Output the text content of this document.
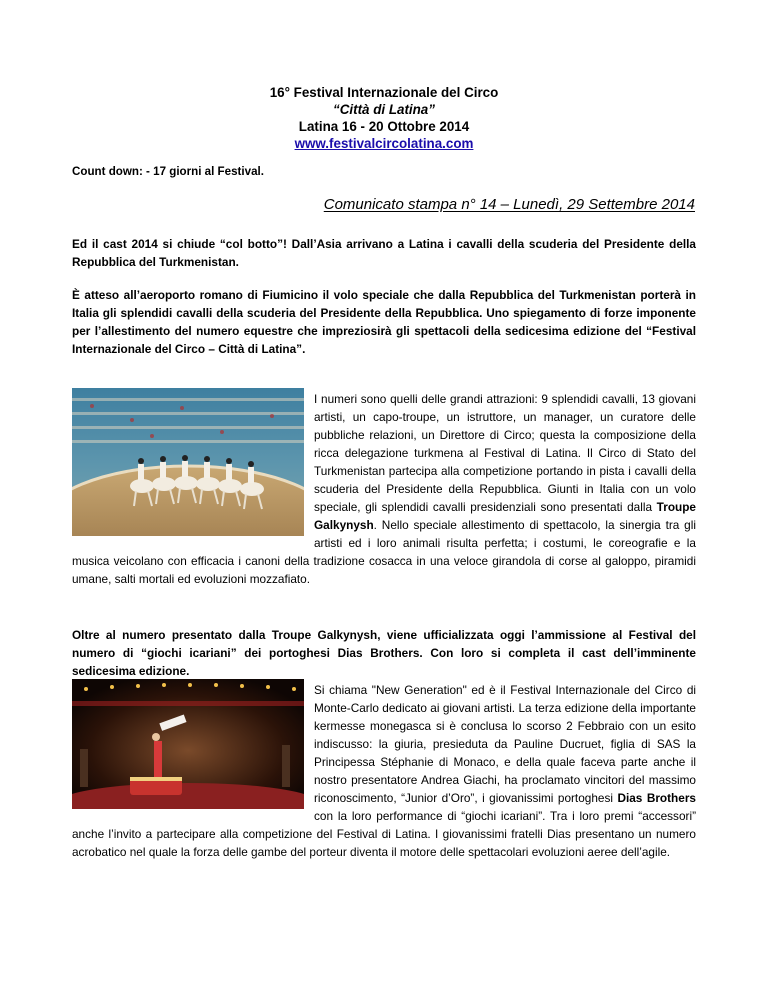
16° Festival Internazionale del Circo
“Città di Latina”
Latina 16 - 20 Ottobre 2014
www.festivalcircolatina.com
Count down: - 17 giorni al Festival.
Comunicato stampa n° 14 – Lunedì, 29 Settembre 2014
Ed il cast 2014 si chiude “col botto”! Dall’Asia arrivano a Latina i cavalli della scuderia del Presidente della Repubblica del Turkmenistan.
È atteso all’aeroporto romano di Fiumicino il volo speciale che dalla Repubblica del Turkmenistan porterà in Italia gli splendidi cavalli della scuderia del Presidente della Repubblica. Uno spiegamento di forze imponente per l’allestimento del numero equestre che impreziosirà gli spettacoli della sedicesima edizione del “Festival Internazionale del Circo – Città di Latina”.
I numeri sono quelli delle grandi attrazioni: 9 splendidi cavalli, 13 giovani artisti, un capo-troupe, un istruttore, un manager, un curatore delle pubbliche relazioni, un Direttore di Circo; questa la composizione della ricca delegazione turkmena al Festival di Latina. Il Circo di Stato del Turkmenistan partecipa alla competizione portando in pista i cavalli della scuderia del Presidente della Repubblica. Giunti in Italia con un volo speciale, gli splendidi cavalli presidenziali sono presentati dalla Troupe Galkynysh. Nello speciale allestimento di spettacolo, la sinergia tra gli artisti ed i loro animali risulta perfetta; i costumi, le coreografie e la musica veicolano con efficacia i canoni della tradizione cosacca in una veloce girandola di corse al galoppo, piramidi umane, salti mortali ed evoluzioni mozzafiato.
Oltre al numero presentato dalla Troupe Galkynysh, viene ufficializzata oggi l’ammissione al Festival del numero di “giochi icariani” dei portoghesi Dias Brothers. Con loro si completa il cast dell’imminente sedicesima edizione.
Si chiama "New Generation" ed è il Festival Internazionale del Circo di Monte-Carlo dedicato ai giovani artisti. La terza edizione della importante kermesse monegasca si è conclusa lo scorso 2 Febbraio con un esito indiscusso: la giuria, presieduta da Pauline Ducruet, figlia di SAS la Principessa Stéphanie di Monaco, e della quale faceva parte anche il nostro presentatore Andrea Giachi, ha proclamato vincitori del massimo riconoscimento, “Junior d’Oro”, i giovanissimi portoghesi Dias Brothers con la loro performance di “giochi icariani”. Tra i loro premi “accessori” anche l’invito a partecipare alla competizione del Festival di Latina. I giovanissimi fratelli Dias presentano un numero acrobatico nel quale la forza delle gambe del porteur diventa il motore delle spettacolari evoluzioni aeree dell’agile.
